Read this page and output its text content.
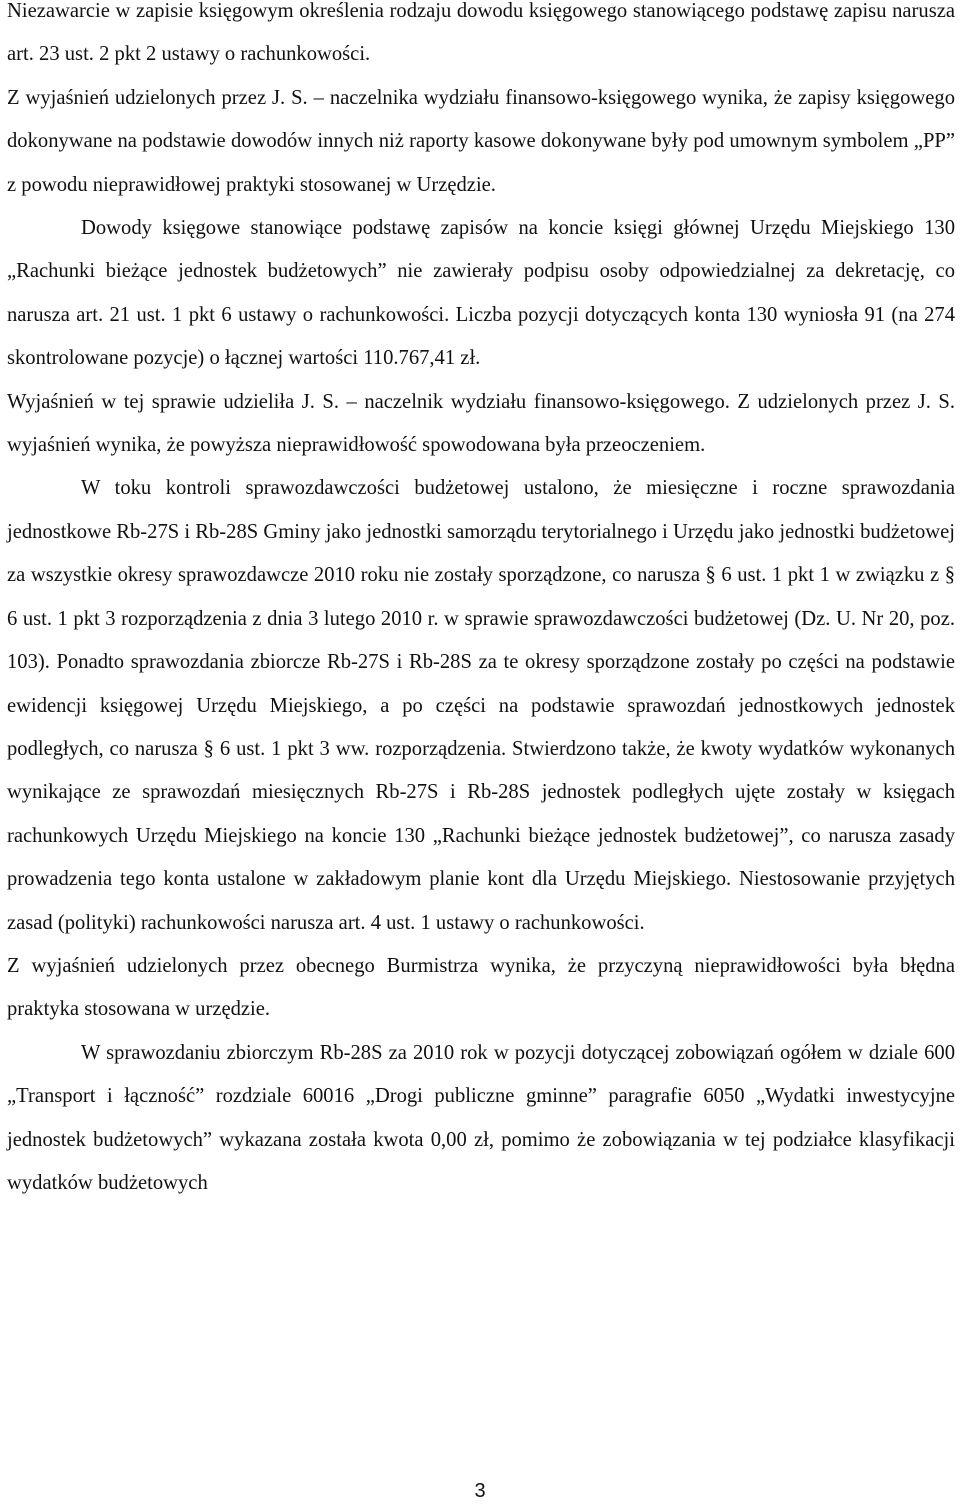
Niezawarcie w zapisie księgowym określenia rodzaju dowodu księgowego stanowiącego podstawę zapisu narusza art. 23 ust. 2 pkt 2 ustawy o rachunkowości.

Z wyjaśnień udzielonych przez J. S. – naczelnika wydziału finansowo-księgowego wynika, że zapisy księgowego dokonywane na podstawie dowodów innych niż raporty kasowe dokonywane były pod umownym symbolem „PP” z powodu nieprawidłowej praktyki stosowanej w Urzędzie.

Dowody księgowe stanowiące podstawę zapisów na koncie księgi głównej Urzędu Miejskiego 130 „Rachunki bieżące jednostek budżetowych” nie zawierały podpisu osoby odpowiedzialnej za dekretację, co narusza art. 21 ust. 1 pkt 6 ustawy o rachunkowości. Liczba pozycji dotyczących konta 130 wyniosła 91 (na 274 skontrolowane pozycje) o łącznej wartości 110.767,41 zł.

Wyjaśnień w tej sprawie udzieliła J. S. – naczelnik wydziału finansowo-księgowego. Z udzielonych przez J. S. wyjaśnień wynika, że powyższa nieprawidłowość spowodowana była przeoczeniem.

W toku kontroli sprawozdawczości budżetowej ustalono, że miesięczne i roczne sprawozdania jednostkowe Rb-27S i Rb-28S Gminy jako jednostki samorządu terytorialnego i Urzędu jako jednostki budżetowej za wszystkie okresy sprawozdawcze 2010 roku nie zostały sporządzone, co narusza § 6 ust. 1 pkt 1 w związku z § 6 ust. 1 pkt 3 rozporządzenia z dnia 3 lutego 2010 r. w sprawie sprawozdawczości budżetowej (Dz. U. Nr 20, poz. 103). Ponadto sprawozdania zbiorcze Rb-27S i Rb-28S za te okresy sporządzone zostały po części na podstawie ewidencji księgowej Urzędu Miejskiego, a po części na podstawie sprawozdań jednostkowych jednostek podległych, co narusza § 6 ust. 1 pkt 3 ww. rozporządzenia. Stwierdzono także, że kwoty wydatków wykonanych wynikające ze sprawozdań miesięcznych Rb-27S i Rb-28S jednostek podległych ujęte zostały w księgach rachunkowych Urzędu Miejskiego na koncie 130 „Rachunki bieżące jednostek budżetowej”, co narusza zasady prowadzenia tego konta ustalone w zakładowym planie kont dla Urzędu Miejskiego. Niestosowanie przyjętych zasad (polityki) rachunkowości narusza art. 4 ust. 1 ustawy o rachunkowości.

Z wyjaśnień udzielonych przez obecnego Burmistrza wynika, że przyczyną nieprawidłowości była błędna praktyka stosowana w urzędzie.

W sprawozdaniu zbiorczym Rb-28S za 2010 rok w pozycji dotyczącej zobowiązań ogółem w dziale 600 „Transport i łączność” rozdziale 60016 „Drogi publiczne gminne” paragrafie 6050 „Wydatki inwestycyjne jednostek budżetowych” wykazana została kwota 0,00 zł, pomimo że zobowiązania w tej podziałce klasyfikacji wydatków budżetowych

3
